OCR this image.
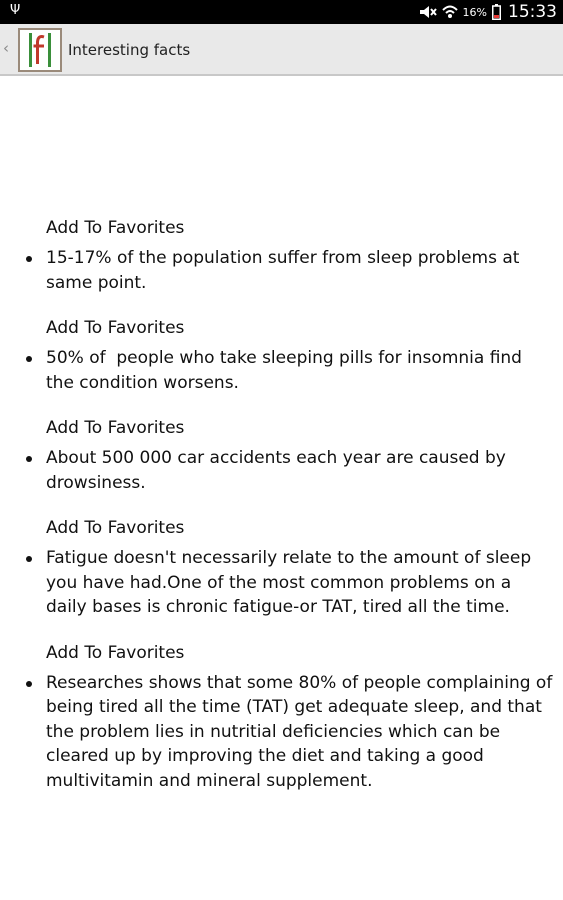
Ψ	16% 15:33
‹	Interesting facts
Add To Favorites
15-17% of the population suffer from sleep problems at same point.
Add To Favorites
50% of  people who take sleeping pills for insomnia find the condition worsens.
Add To Favorites
About 500 000 car accidents each year are caused by drowsiness.
Add To Favorites
Fatigue doesn't necessarily relate to the amount of sleep you have had.One of the most common problems on a daily bases is chronic fatigue-or TAT, tired all the time.
Add To Favorites
Researches shows that some 80% of people complaining of being tired all the time (TAT) get adequate sleep, and that the problem lies in nutritial deficiencies which can be cleared up by improving the diet and taking a good multivitamin and mineral supplement.
